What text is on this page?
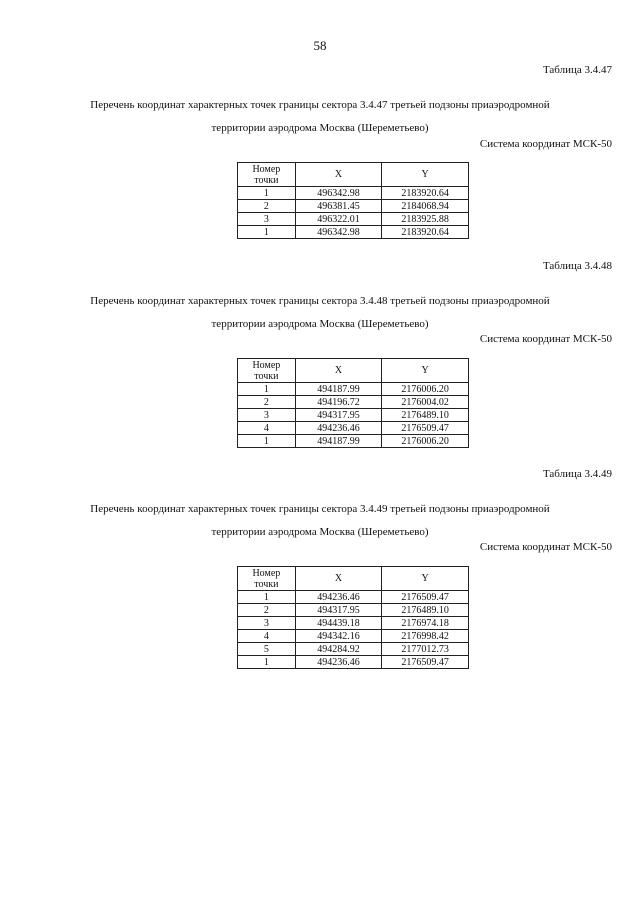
58
Таблица 3.4.47
Перечень координат характерных точек границы сектора 3.4.47 третьей подзоны приаэродромной
территории аэродрома Москва (Шереметьево)
Система координат МСК-50
Номер
точки	X	Y
1	496342.98	2183920.64
2	496381.45	2184068.94
3	496322.01	2183925.88
1	496342.98	2183920.64
Таблица 3.4.48
Перечень координат характерных точек границы сектора 3.4.48 третьей подзоны приаэродромной
территории аэродрома Москва (Шереметьево)
Система координат МСК-50
Номер
точки	X	Y
1	494187.99	2176006.20
2	494196.72	2176004.02
3	494317.95	2176489.10
4	494236.46	2176509.47
1	494187.99	2176006.20
Таблица 3.4.49
Перечень координат характерных точек границы сектора 3.4.49 третьей подзоны приаэродромной
территории аэродрома Москва (Шереметьево)
Система координат МСК-50
Номер
точки	X	Y
1	494236.46	2176509.47
2	494317.95	2176489.10
3	494439.18	2176974.18
4	494342.16	2176998.42
5	494284.92	2177012.73
1	494236.46	2176509.47
